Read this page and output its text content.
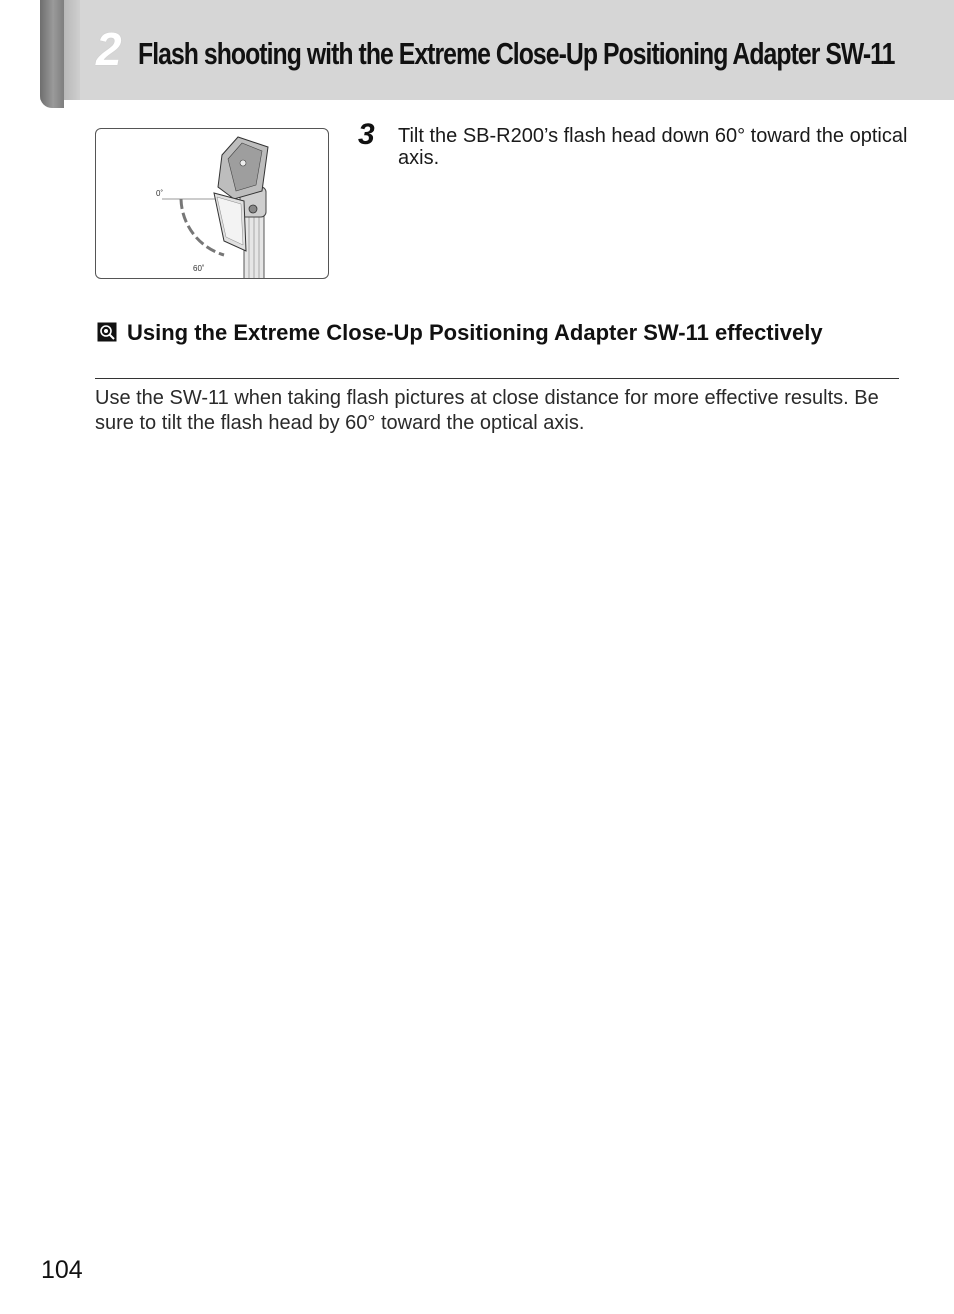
2 Flash shooting with the Extreme Close-Up Positioning Adapter SW-11
0˚
60˚
3 Tilt the SB-R200’s flash head down 60° toward the optical axis.
Using the Extreme Close-Up Positioning Adapter SW-11 effectively
Use the SW-11 when taking flash pictures at close distance for more effective results. Be sure to tilt the flash head by 60° toward the optical axis.
104
